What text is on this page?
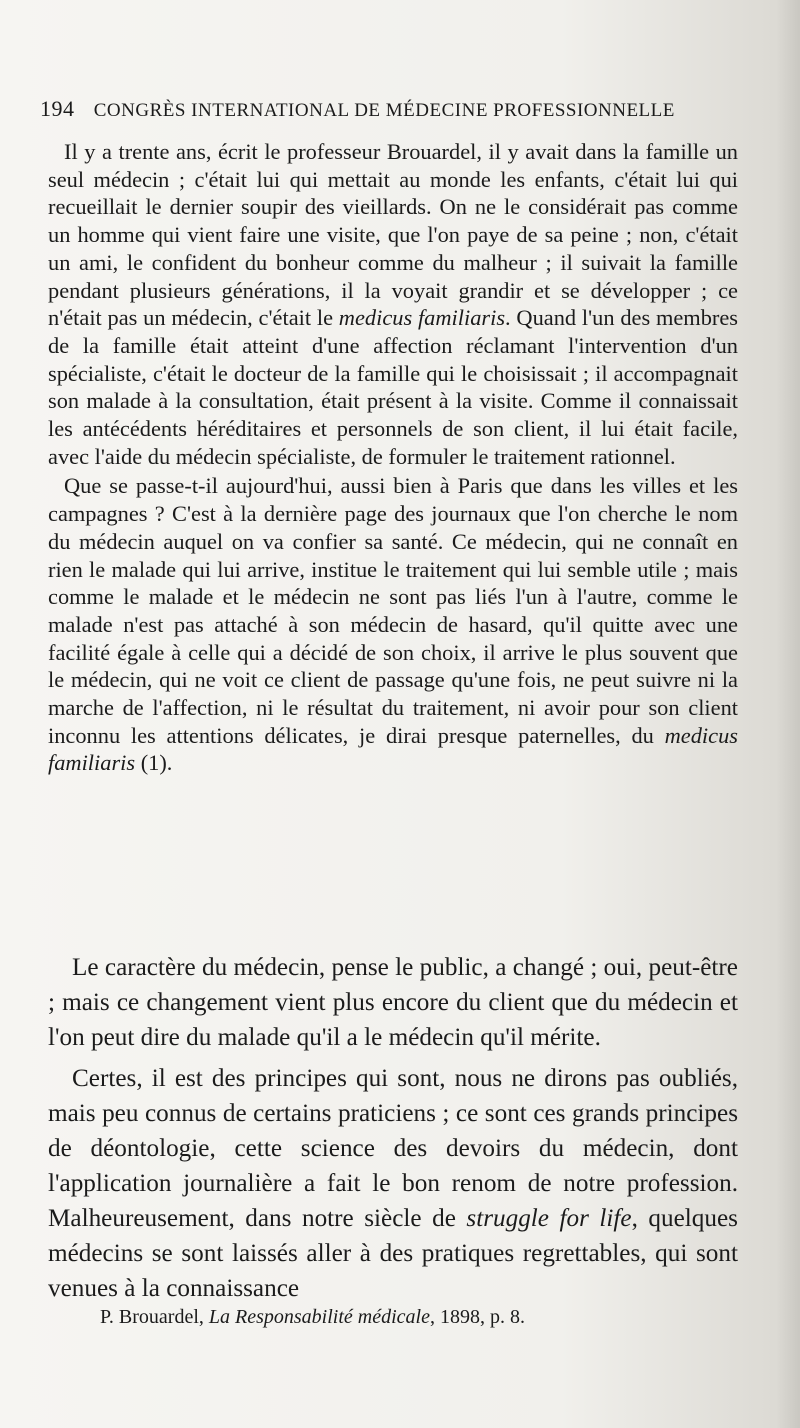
194 CONGRÈS INTERNATIONAL DE MÉDECINE PROFESSIONNELLE

Il y a trente ans, écrit le professeur Brouardel, il y avait dans la famille un seul médecin ; c'était lui qui mettait au monde les enfants, c'était lui qui recueillait le dernier soupir des vieillards. On ne le considérait pas comme un homme qui vient faire une visite, que l'on paye de sa peine ; non, c'était un ami, le confident du bonheur comme du malheur ; il suivait la famille pendant plusieurs générations, il la voyait grandir et se développer ; ce n'était pas un médecin, c'était le medicus familiaris. Quand l'un des membres de la famille était atteint d'une affection réclamant l'intervention d'un spécialiste, c'était le docteur de la famille qui le choisissait ; il accompagnait son malade à la consultation, était présent à la visite. Comme il connaissait les antécédents héréditaires et personnels de son client, il lui était facile, avec l'aide du médecin spécialiste, de formuler le traitement rationnel.

Que se passe-t-il aujourd'hui, aussi bien à Paris que dans les villes et les campagnes ? C'est à la dernière page des journaux que l'on cherche le nom du médecin auquel on va confier sa santé. Ce médecin, qui ne connaît en rien le malade qui lui arrive, institue le traitement qui lui semble utile ; mais comme le malade et le médecin ne sont pas liés l'un à l'autre, comme le malade n'est pas attaché à son médecin de hasard, qu'il quitte avec une facilité égale à celle qui a décidé de son choix, il arrive le plus souvent que le médecin, qui ne voit ce client de passage qu'une fois, ne peut suivre ni la marche de l'affection, ni le résultat du traitement, ni avoir pour son client inconnu les attentions délicates, je dirai presque paternelles, du medicus familiaris (1).

Le caractère du médecin, pense le public, a changé ; oui, peut-être ; mais ce changement vient plus encore du client que du médecin et l'on peut dire du malade qu'il a le médecin qu'il mérite.

Certes, il est des principes qui sont, nous ne dirons pas oubliés, mais peu connus de certains praticiens ; ce sont ces grands principes de déontologie, cette science des devoirs du médecin, dont l'application journalière a fait le bon renom de notre profession. Malheureusement, dans notre siècle de struggle for life, quelques médecins se sont laissés aller à des pratiques regrettables, qui sont venues à la connaissance

P. Brouardel, La Responsabilité médicale, 1898, p. 8.
